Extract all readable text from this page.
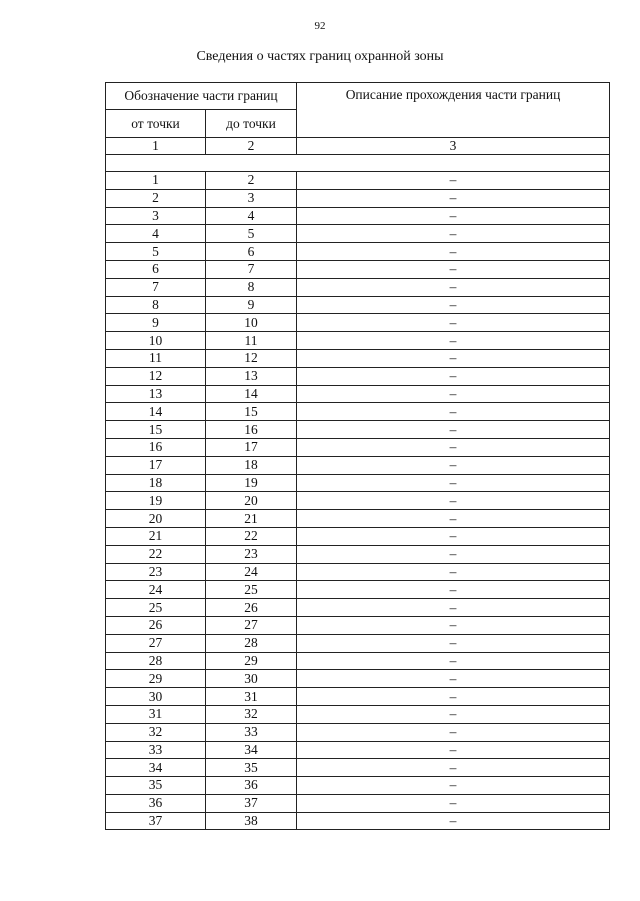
92
Сведения о частях границ охранной зоны
Обозначение части границ		Описание прохождения части границ
от точки	до точки	
1	2	3

1	2	–
2	3	–
3	4	–
4	5	–
5	6	–
6	7	–
7	8	–
8	9	–
9	10	–
10	11	–
11	12	–
12	13	–
13	14	–
14	15	–
15	16	–
16	17	–
17	18	–
18	19	–
19	20	–
20	21	–
21	22	–
22	23	–
23	24	–
24	25	–
25	26	–
26	27	–
27	28	–
28	29	–
29	30	–
30	31	–
31	32	–
32	33	–
33	34	–
34	35	–
35	36	–
36	37	–
37	38	–
